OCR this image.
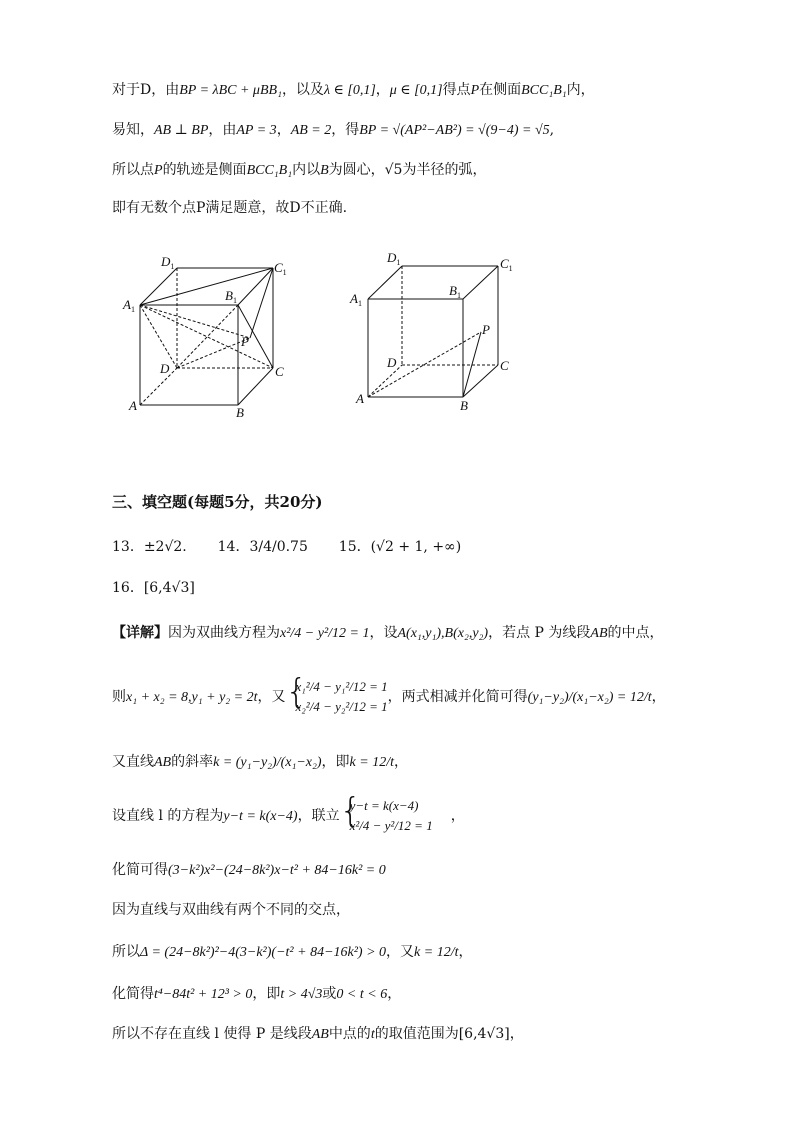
对于D，由BP = λBC + μBB₁，以及λ ∈ [0,1]，μ ∈ [0,1]得点P在侧面BCC₁B₁内，
易知，AB ⊥ BP，由AP = 3，AB = 2，得BP = √(AP²−AB²) = √(9−4) = √5,
所以点P的轨迹是侧面BCC₁B₁内以B为圆心，√5为半径的弧，
即有无数个点P满足题意，故D不正确.
$D_1$	$C_1$
$A_1$
$B_1$
P
D	C
A	B
$D_1$	$C_1$
$A_1$
$B_1$
P
D	C
A	B
三、填空题(每题5分，共20分)
13．±2√2. 14．3/4/0.75 15．(√2 + 1, +∞)
16．[6,4√3]
【详解】因为双曲线方程为x²/4 − y²/12 = 1，设A(x₁,y₁),B(x₂,y₂)，若点 P 为线段AB的中点，
则x₁ + x₂ = 8,y₁ + y₂ = 2t，又 {
x₁²/4 − y₁²/12 = 1
x₂²/4 − y₂²/12 = 1
，两式相减并化简可得(y₁−y₂)/(x₁−x₂) = 12/t，
又直线AB的斜率k = (y₁−y₂)/(x₁−x₂)，即k = 12/t，
设直线 l 的方程为y−t = k(x−4)，联立 {
y−t = k(x−4)
x²/4 − y²/12 = 1
，
化简可得(3−k²)x²−(24−8k²)x−t² + 84−16k² = 0
因为直线与双曲线有两个不同的交点，
所以Δ = (24−8k²)²−4(3−k²)(−t² + 84−16k²) > 0，又k = 12/t，
化简得t⁴−84t² + 12³ > 0，即t > 4√3或0 < t < 6，
所以不存在直线 l 使得 P 是线段AB中点的t的取值范围为[6,4√3]，
